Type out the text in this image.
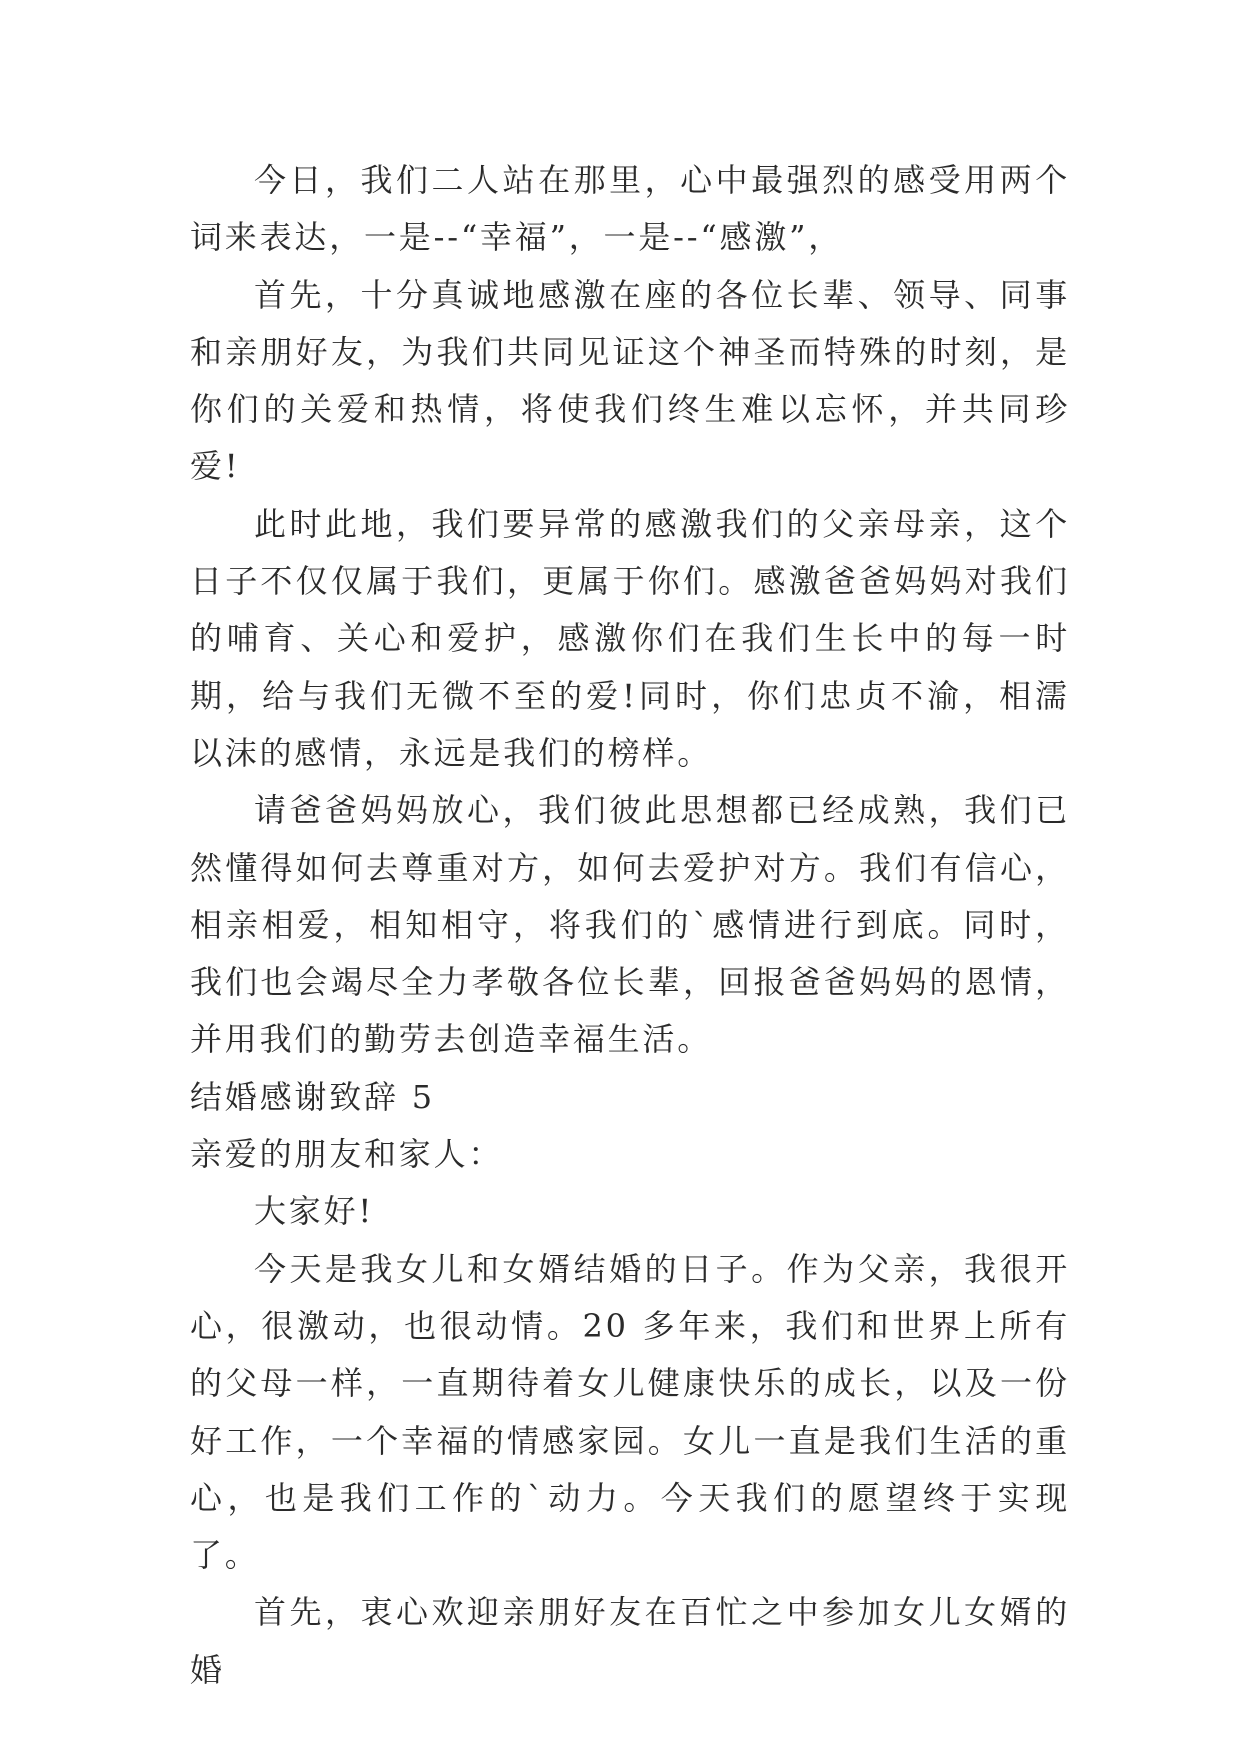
今日，我们二人站在那里，心中最强烈的感受用两个词来表达，一是--“幸福”，一是--“感激”，

首先，十分真诚地感激在座的各位长辈、领导、同事和亲朋好友，为我们共同见证这个神圣而特殊的时刻，是你们的关爱和热情，将使我们终生难以忘怀，并共同珍爱!

此时此地，我们要异常的感激我们的父亲母亲，这个日子不仅仅属于我们，更属于你们。感激爸爸妈妈对我们的哺育、关心和爱护，感激你们在我们生长中的每一时期，给与我们无微不至的爱!同时，你们忠贞不渝，相濡以沫的感情，永远是我们的榜样。

请爸爸妈妈放心，我们彼此思想都已经成熟，我们已然懂得如何去尊重对方，如何去爱护对方。我们有信心，相亲相爱，相知相守，将我们的`感情进行到底。同时，我们也会竭尽全力孝敬各位长辈，回报爸爸妈妈的恩情，并用我们的勤劳去创造幸福生活。

结婚感谢致辞 5

亲爱的朋友和家人：

大家好!

今天是我女儿和女婿结婚的日子。作为父亲，我很开心，很激动，也很动情。20 多年来，我们和世界上所有的父母一样，一直期待着女儿健康快乐的成长，以及一份好工作，一个幸福的情感家园。女儿一直是我们生活的重心，也是我们工作的`动力。今天我们的愿望终于实现了。

首先，衷心欢迎亲朋好友在百忙之中参加女儿女婿的婚
